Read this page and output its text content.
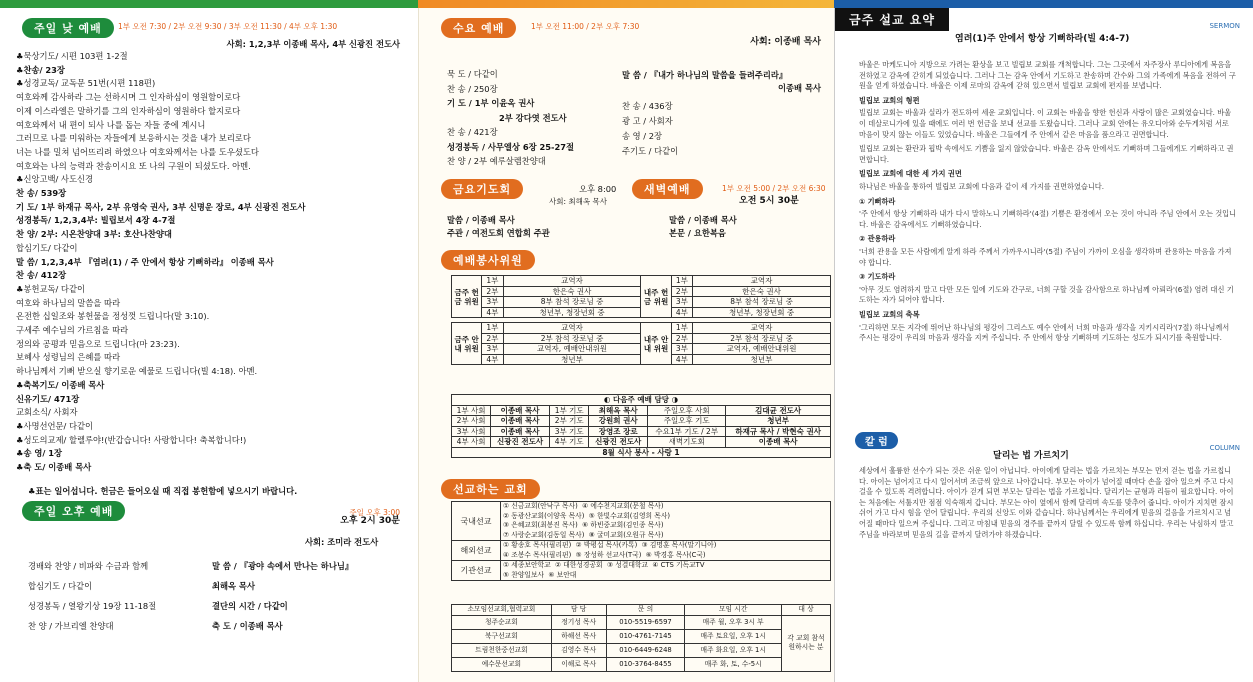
주일 낮 예배	1부 오전 7:30 / 2부 오전 9:30 / 3부 오전 11:30 / 4부 오후 1:30
사회: 1,2,3부 이종배 목사, 4부 신광진 전도사
♣묵상기도/ 시편 103편 1-2절
♣찬송/ 23장
♣성경교독/ 교독문 51번(시편 118편)
여호와께 감사하라 그는 선하시며 그 인자하심이 영원함이로다
이제 이스라엘은 말하기를 그의 인자하심이 영원하다 할지로다
여호와께서 내 편이 되사 나를 돕는 자들 중에 계시니
그러므로 나를 미워하는 자들에게 보응하시는 것을 내가 보리로다
너는 나를 밀쳐 넘어뜨리려 하였으나 여호와께서는 나를 도우셨도다
여호와는 나의 능력과 찬송이시요 또 나의 구원이 되셨도다. 아멘.
♣신앙고백/ 사도신경
찬 송/ 539장
기 도/ 1부 하재규 목사, 2부 유영숙 권사, 3부 신명운 장로, 4부 신광진 전도사
성경봉독/ 1,2,3,4부: 빌립보서 4장 4-7절
찬 양/ 2부: 시온찬양대 3부: 호산나찬양대
합심기도/ 다같이
말 씀/ 1,2,3,4부 『염려(1) / 주 안에서 항상 기뻐하라』 이종배 목사
찬 송/ 412장
♣봉헌교독/ 다같이
여호와 하나님의 말씀을 따라
온전한 십일조와 봉헌물을 정성껏 드립니다(말 3:10).
구세주 예수님의 가르침을 따라
정의와 공평과 믿음으로 드립니다(마 23:23).
보혜사 성령님의 은혜를 따라
하나님께서 기뻐 받으실 향기로운 예물로 드립니다(빌 4:18). 아멘.
♣축복기도/ 이종배 목사
신유기도/ 471장
교회소식/ 사회자
♣사명선언문/ 다같이
♣성도의교제/ 할렐루야!(반갑습니다! 사랑합니다! 축복합니다!)
♣송 영/ 1장
♣축 도/ 이종배 목사
♣표는 일어섭니다. 헌금은 들어오실 때 직접 봉헌함에 넣으시기 바랍니다.
주일 오후 예배	주일 오후 3:00
오후 2시 30분
사회: 조미라 전도사
경배와 찬양 / 비파와 수금과 함께	말 씀 / 『광야 속에서 만나는 하나님』
합심기도 / 다같이	최해옥 목사
성경봉독 / 열왕기상 19장 11-18절	결단의 시간 / 다같이
찬 양 / 가브리엘 찬양대	축 도 / 이종배 목사
수요 예배	1부 오전 11:00 / 2부 오후 7:30
사회: 이종배 목사
묵 도 / 다같이
찬 송 / 250장
기 도 / 1부 이윤옥 권사
2부 강다엿 전도사
찬 송 / 421장
성경봉독 / 사무엘상 6장 25-27절
찬 양 / 2부 예루살렘찬양대
말 씀 / 『내가 하나님의 말씀을 들려주리라』
이종배 목사
찬 송 / 436장
광 고 / 사회자
송 영 / 2장
주기도 / 다같이
금요기도회	오후 8:00
사회: 최해옥 목사
말씀 / 이종배 목사
주관 / 여전도회 연합회 주관
새벽예배	1부 오전 5:00 / 2부 오전 6:30
오전 5시 30분
말씀 / 이종배 목사
본문 / 요한복음
예배봉사위원
금주 헌금 위원	1부	교역자	내주 헌금 위원	1부	교역자
	2부	한은숙 권사		2부	한은숙 권사
	3부	8부 참석 장로님 중		3부	8부 참석 장로님 중
	4부	청년부, 청장년회 중		4부	청년부, 청장년회 중

금주 안내 위원	1부	교역자	내주 안내 위원	1부	교역자
	2부	2부 참석 장로님 중		2부	2부 참석 장로님 중
	3부	교역자, 예배안내위원		3부	교역자, 예배안내위원
	4부	청년부		4부	청년부
◐ 다음주 예배 담당 ◑					
1부 사회	이종배 목사	1부 기도	최해옥 목사	주일오후 사회	김대균 전도사
2부 사회	이종배 목사	2부 기도	강원희 권사	주일오후 기도	청년부
3부 사회	이종배 목사	3부 기도	장영조 장로	수요1부 기도 / 2부	하재규 목사 / 박현숙 권사
4부 사회	신광진 전도사	4부 기도	신광진 전도사	새벽기도회	이종배 목사
8월 식사 봉사 - 사랑 1					
선교하는 교회
국내선교	① 신금교회(안낙구 목사)  ④ 에수천지교회(문철 목사)
② 동광산교회(이양욱 목사)  ⑤ 한빛수교회(김영희 목사)
③ 은혜교회(최봉진 목사)  ⑥ 하빈중교회(김인종 목사)
⑦ 사랑순교회(김동일 목사)  ⑧ 굴미교회(오원규 목사)
해외선교	① 황송호 목사(필리핀)  ② 박평섭 목사(카톡)  ③ 김명훈 목사(말기니아)
④ 조봉수 목사(필리핀)  ⑤ 장성하 선교사(T국)  ⑥ 박경홍 목사(C국)
기관선교	① 세종보안학교  ② 대한성경공회  ③ 성결대학교  ④ CTS 기독교TV
⑤ 찬양일보사  ⑥ 보안대
소모임선교회,협력교회	담 당	문 의	모임 시간	대 상
청주순교회	정기성 목사	010-5519-6597	매주 월, 오후 3시 부	각 교회 참석 원하시는 분
북구선교회	하해선 목사	010-4761-7145	매주 토요일, 오후 1시	
트림천한중선교회	김영수 목사	010-6449-6248	매주 화요일, 오후 1시	
예수문선교회	이해로 목사	010-3764-8455	매주 화, 토, 수-5시	
금주 설교 요약	SERMON
염려(1)주 안에서 항상 기뻐하라(빌 4:4-7)
바울은 마케도니아 지방으로 가려는 환상을 보고 빌립보 교회를 개척합니다. 그는 그곳에서 자주장사 루디아에게 복음을 전하였고 감옥에 갇히게 되었습니다. 그러나 그는 감옥 안에서 기도하고 찬송하며 간수와 그의 가족에게 복음을 전하여 구원을 얻게 하였습니다. 바울은 이제 로마의 감옥에 갇혀 있으면서 빌립보 교회에 편지를 보냅니다.
빌립보 교회의 형편
빌립보 교회는 바울과 실라가 전도하여 세운 교회입니다. 이 교회는 바울을 향한 헌신과 사랑이 많은 교회였습니다. 바울이 데살로니가에 있을 때에도 여러 번 헌금을 보내 선교를 도왔습니다. 그러나 교회 안에는 유오디아와 순두게처럼 서로 마음이 맞지 않는 이들도 있었습니다. 바울은 그들에게 주 안에서 같은 마음을 품으라고 권면합니다.
빌립보 교회는 환란과 핍박 속에서도 기쁨을 잃지 않았습니다. 바울은 감옥 안에서도 기뻐하며 그들에게도 기뻐하라고 권면합니다.
빌립보 교회에 대한 세 가지 권면
하나님은 바울을 통하여 빌립보 교회에 다음과 같이 세 가지를 권면하였습니다.
① 기뻐하라
'주 안에서 항상 기뻐하라 내가 다시 말하노니 기뻐하라'(4절) 기쁨은 환경에서 오는 것이 아니라 주님 안에서 오는 것입니다. 바울은 감옥에서도 기뻐하였습니다.
② 관용하라
'너희 관용을 모든 사람에게 알게 하라 주께서 가까우시니라'(5절) 주님이 가까이 오심을 생각하며 관용하는 마음을 가져야 합니다.
③ 기도하라
'아무 것도 염려하지 말고 다만 모든 일에 기도와 간구로, 너희 구할 것을 감사함으로 하나님께 아뢰라'(6절) 염려 대신 기도하는 자가 되어야 합니다.
빌립보 교회의 축복
'그리하면 모든 지각에 뛰어난 하나님의 평강이 그리스도 예수 안에서 너희 마음과 생각을 지키시리라'(7절) 하나님께서 주시는 평강이 우리의 마음과 생각을 지켜 주십니다. 주 안에서 항상 기뻐하며 기도하는 성도가 되시기를 축원합니다.
칼 럼	COLUMN
달리는 법 가르치기
세상에서 훌륭한 선수가 되는 것은 쉬운 일이 아닙니다. 아이에게 달리는 법을 가르치는 부모는 먼저 걷는 법을 가르칩니다. 아이는 넘어지고 다시 일어서며 조금씩 앞으로 나아갑니다. 부모는 아이가 넘어질 때마다 손을 잡아 일으켜 주고 다시 걸을 수 있도록 격려합니다. 아이가 걷게 되면 부모는 달리는 법을 가르칩니다. 달리기는 균형과 리듬이 필요합니다. 아이는 처음에는 서툴지만 점점 익숙해져 갑니다. 부모는 아이 옆에서 함께 달리며 속도를 맞추어 줍니다. 아이가 지치면 잠시 쉬어 가고 다시 힘을 얻어 달립니다. 우리의 신앙도 이와 같습니다. 하나님께서는 우리에게 믿음의 걸음을 가르치시고 넘어질 때마다 일으켜 주십니다. 그리고 마침내 믿음의 경주를 끝까지 달릴 수 있도록 함께 하십니다. 우리는 낙심하지 말고 주님을 바라보며 믿음의 길을 끝까지 달려가야 하겠습니다.
